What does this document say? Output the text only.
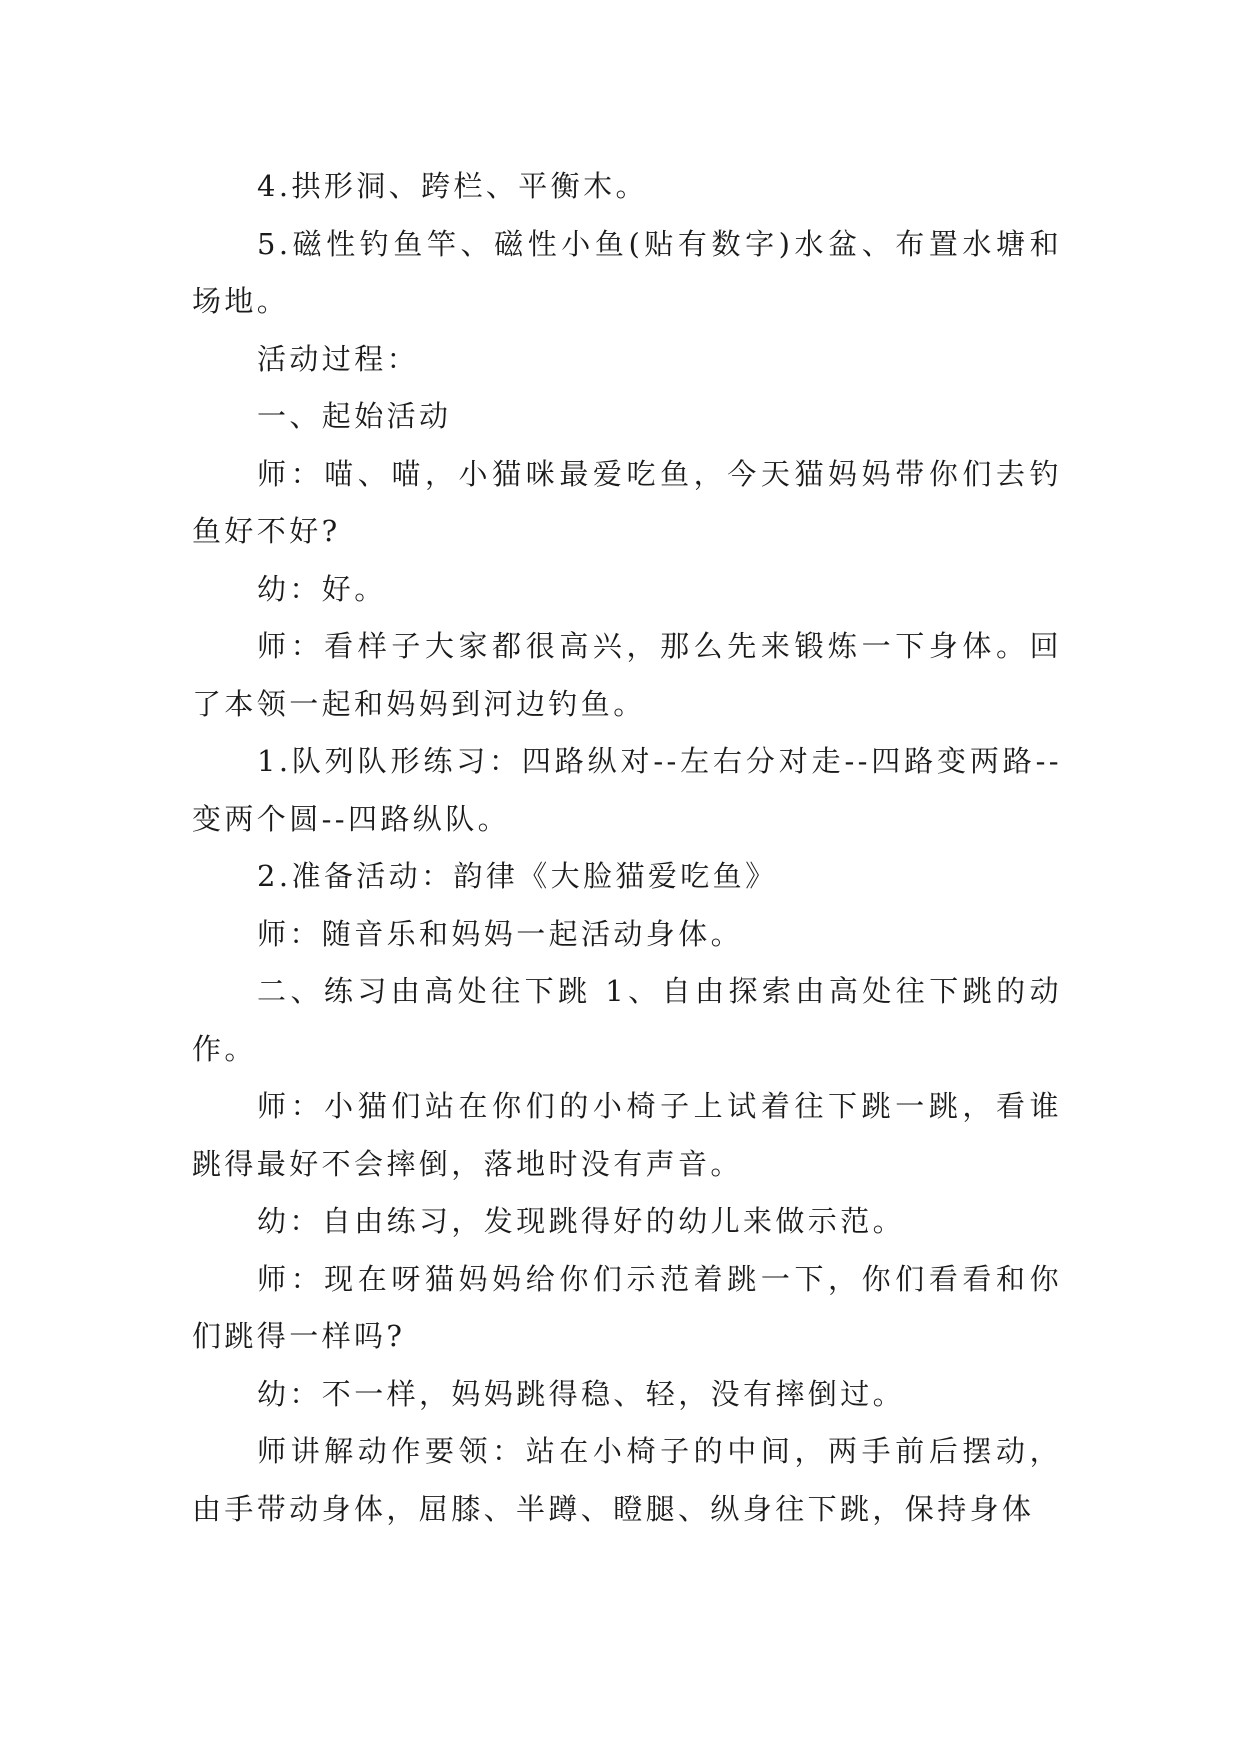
4.拱形洞、跨栏、平衡木。

5.磁性钓鱼竿、磁性小鱼(贴有数字)水盆、布置水塘和场地。

活动过程：

一、起始活动

师：喵、喵，小猫咪最爱吃鱼，今天猫妈妈带你们去钓鱼好不好?

幼：好。

师：看样子大家都很高兴，那么先来锻炼一下身体。回了本领一起和妈妈到河边钓鱼。

1.队列队形练习：四路纵对--左右分对走--四路变两路--变两个圆--四路纵队。

2.准备活动：韵律《大脸猫爱吃鱼》

师：随音乐和妈妈一起活动身体。

二、练习由高处往下跳 1、自由探索由高处往下跳的动作。

师：小猫们站在你们的小椅子上试着往下跳一跳，看谁跳得最好不会摔倒，落地时没有声音。

幼：自由练习，发现跳得好的幼儿来做示范。

师：现在呀猫妈妈给你们示范着跳一下，你们看看和你们跳得一样吗?

幼：不一样，妈妈跳得稳、轻，没有摔倒过。

师讲解动作要领：站在小椅子的中间，两手前后摆动，由手带动身体，屈膝、半蹲、瞪腿、纵身往下跳，保持身体
